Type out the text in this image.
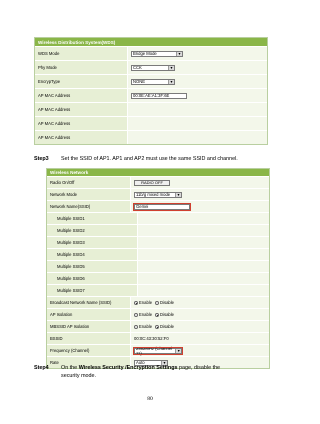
Wireless Distribution System(WDS)
WDS Mode	Bridge Mode	▼
Phy Mode	CCK	▼
EncrypType	NONE	▼
AP MAC Address	00:0E:AE:A1:3F:6E
AP MAC Address
AP MAC Address
AP MAC Address
Step3 Set the SSID of AP1. AP1 and AP2 must use the same SSID and channel.
Wireless Network
Radio On/Off	RADIO OFF
Network Mode	11b/g mixed mode	▼
Network Name(SSID)	Gemei
Multiple SSID1
Multiple SSID2
Multiple SSID3
Multiple SSID4
Multiple SSID5
Multiple SSID6
Multiple SSID7
Broadcast Network Name (SSID)	Enable Disable
AP Isolation	Enable Disable
MBSSID AP Isolation	Enable Disable
BSSID	00:0C:43:30:52:F0
Frequency (Channel)	2462MHz (Channel 11)	▼
Rate	Auto	▼
Step4 On the Wireless Security /Encryption Settings page, disable the
security mode.
80
